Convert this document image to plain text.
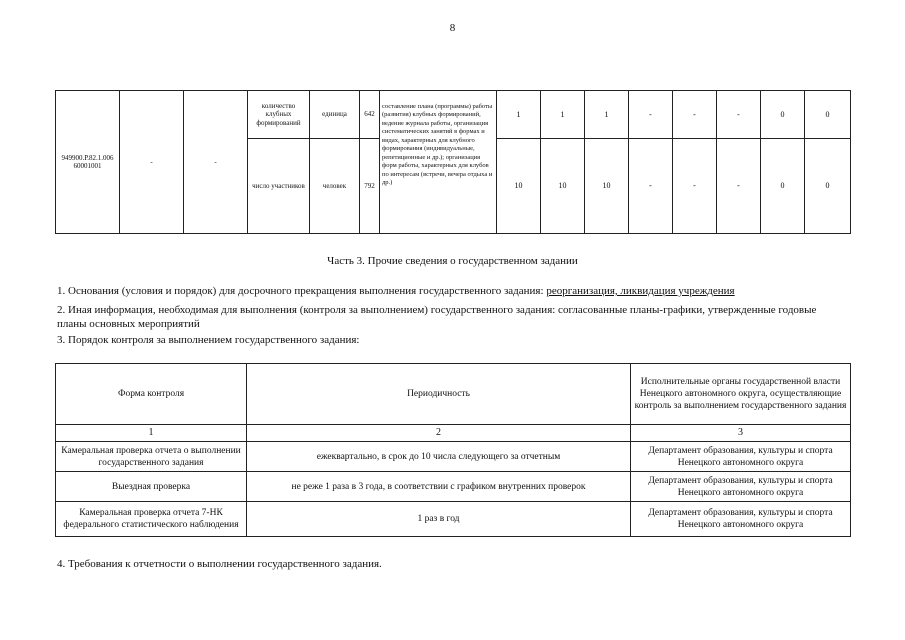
8
949900.Р.82.1.006 60001001	-	-	количество клубных формирований	единица	642	составление плана (программы) работы (развития) клубных формирований, ведение журнала работы, организация систематических занятий в формах и видах, характерных для клубного формирования (индивидуальные, репетиционные и др.); организация форм работы, характерных для клубов по интересам (встречи, вечера отдыха и др.)	1	1	1	-	-	-	0	0
			число участников	человек	792		10	10	10	-	-	-	0	0
Часть 3. Прочие сведения о государственном задании
1. Основания (условия и порядок) для досрочного прекращения выполнения государственного задания: реорганизация, ликвидация учреждения
2. Иная информация, необходимая для выполнения (контроля за выполнением) государственного задания: согласованные планы-графики, утвержденные годовые планы основных мероприятий
3. Порядок контроля за выполнением государственного задания:
Форма контроля	Периодичность	Исполнительные органы государственной власти Ненецкого автономного округа, осуществляющие контроль за выполнением государственного задания
1	2	3
Камеральная проверка отчета о выполнении государственного задания	ежеквартально, в срок до 10 числа следующего за отчетным	Департамент образования, культуры и спорта Ненецкого автономного округа
Выездная проверка	не реже 1 раза в 3 года, в соответствии с графиком внутренних проверок	Департамент образования, культуры и спорта Ненецкого автономного округа
Камеральная проверка отчета 7-НК федерального статистического наблюдения	1 раз в год	Департамент образования, культуры и спорта Ненецкого автономного округа
4. Требования к отчетности о выполнении государственного задания.
